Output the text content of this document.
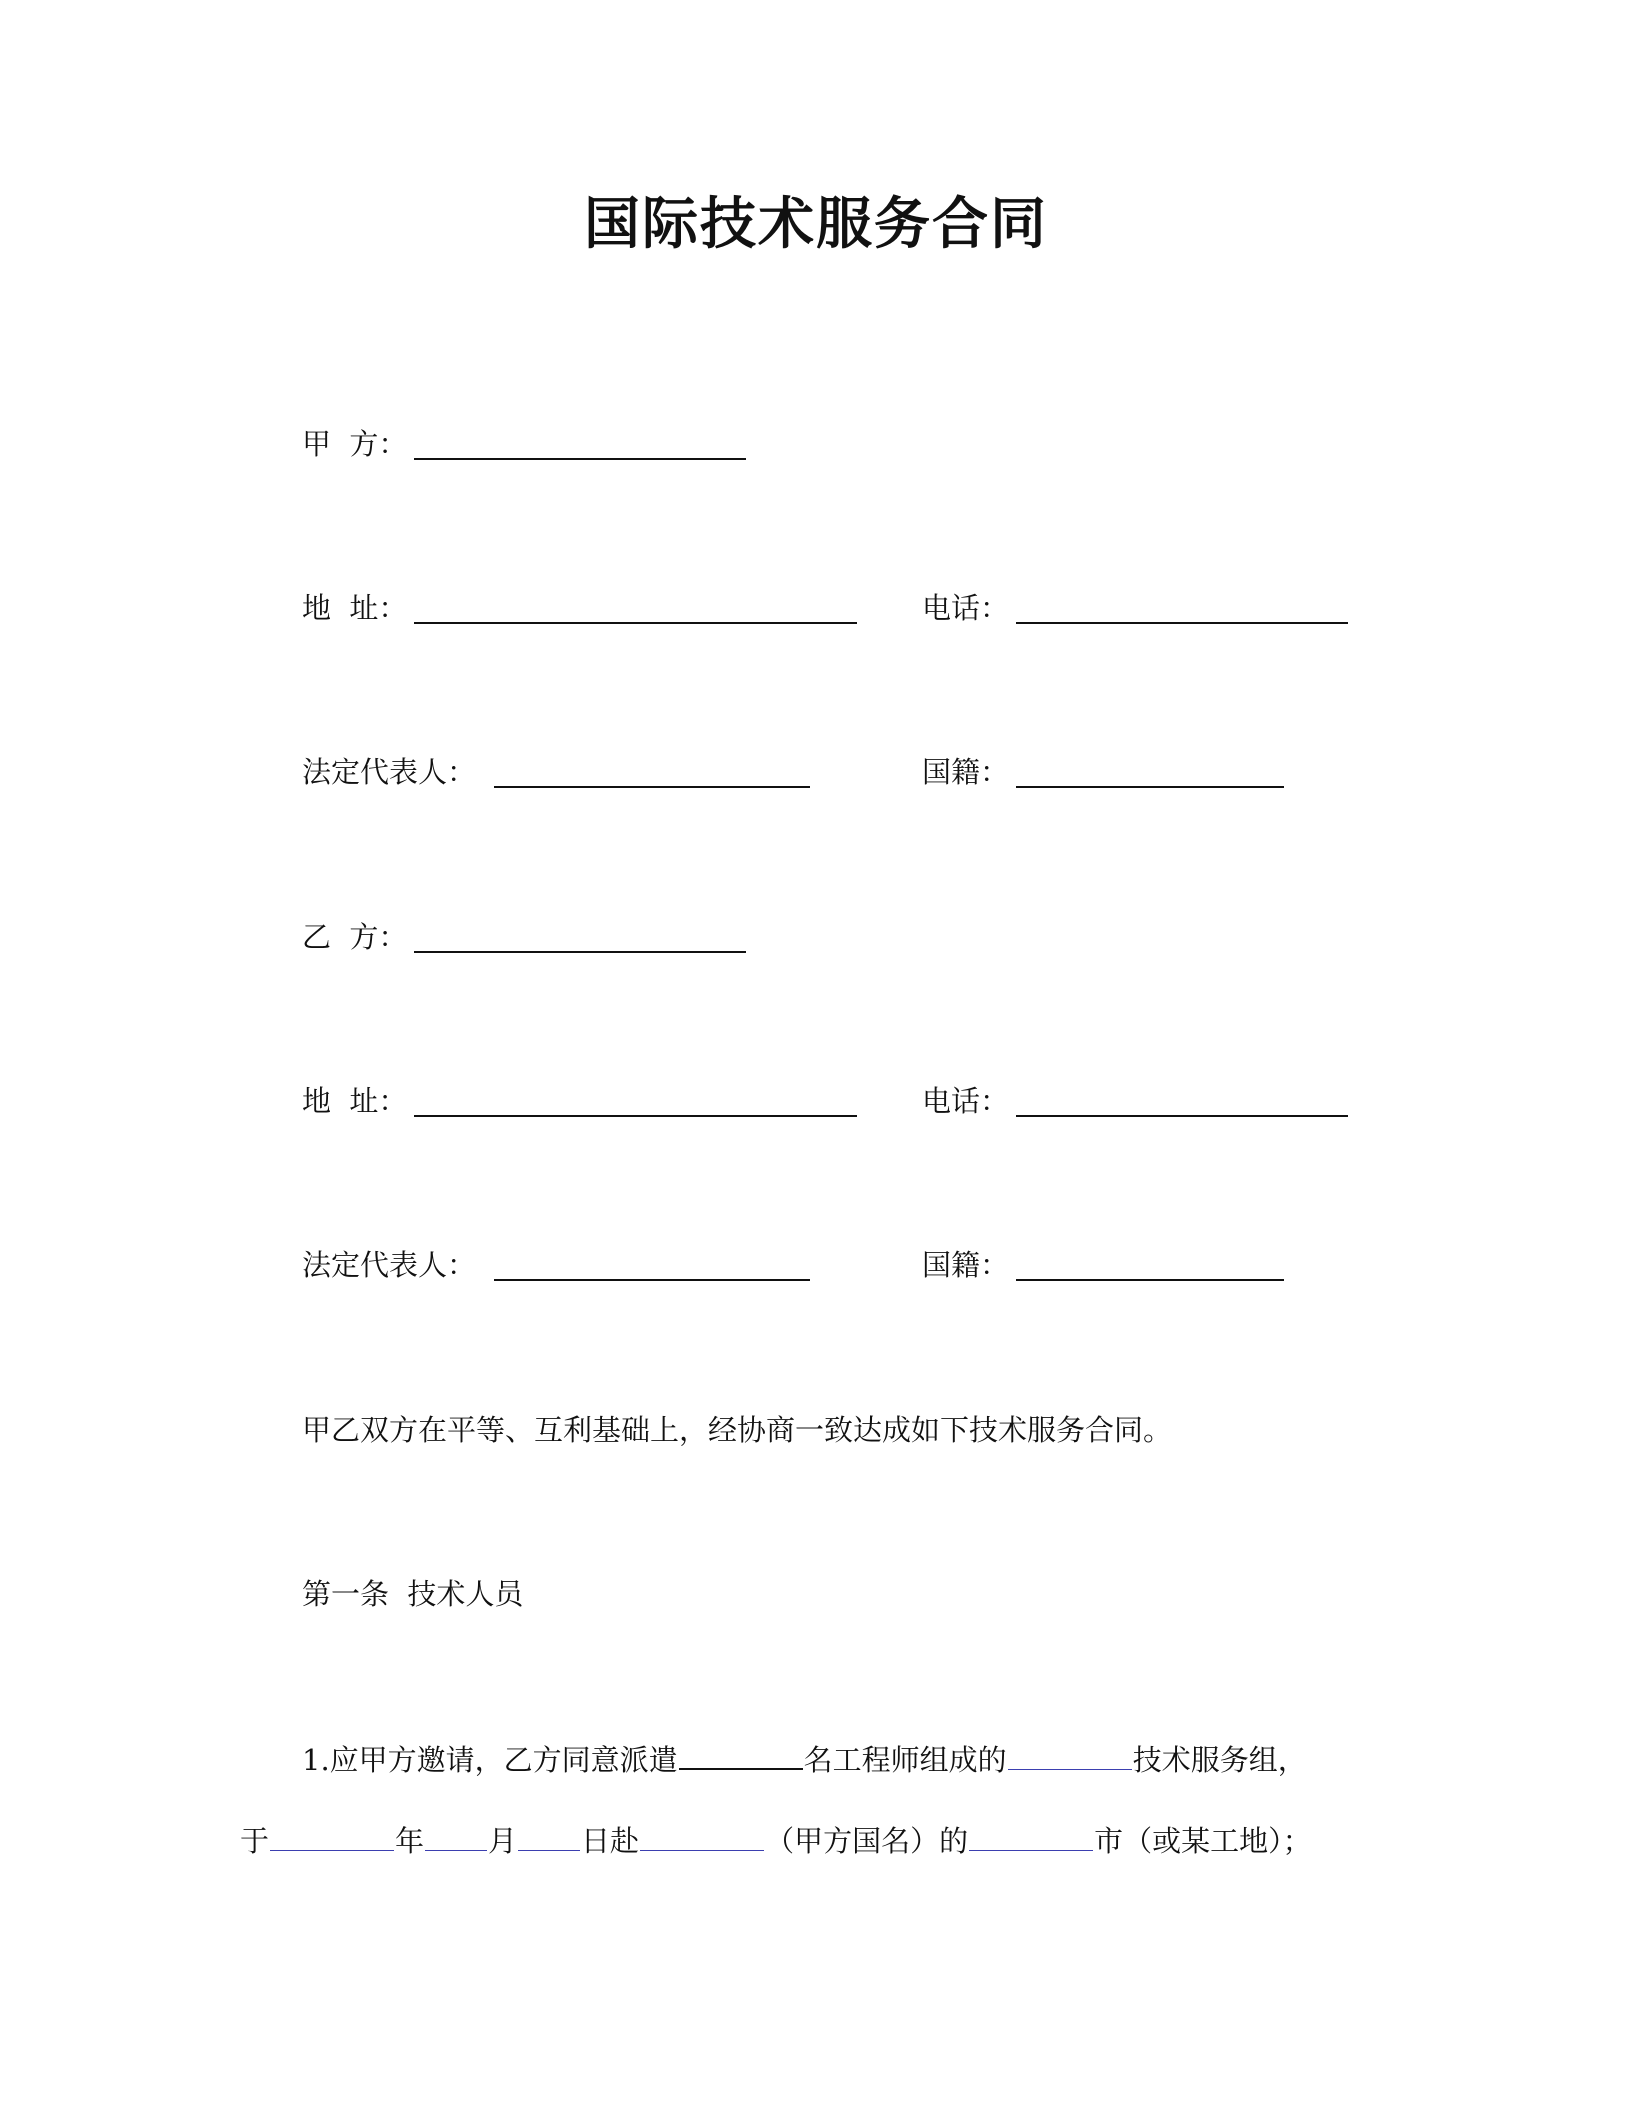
国际技术服务合同
甲  方：
地  址：	电话：
法定代表人：	国籍：
乙  方：
地  址：	电话：
法定代表人：	国籍：
甲乙双方在平等、互利基础上，经协商一致达成如下技术服务合同。
第一条  技术人员
1.应甲方邀请，乙方同意派遣	名工程师组成的	技术服务组，
于	年 月 日赴	（甲方国名）的	市（或某工地）；
